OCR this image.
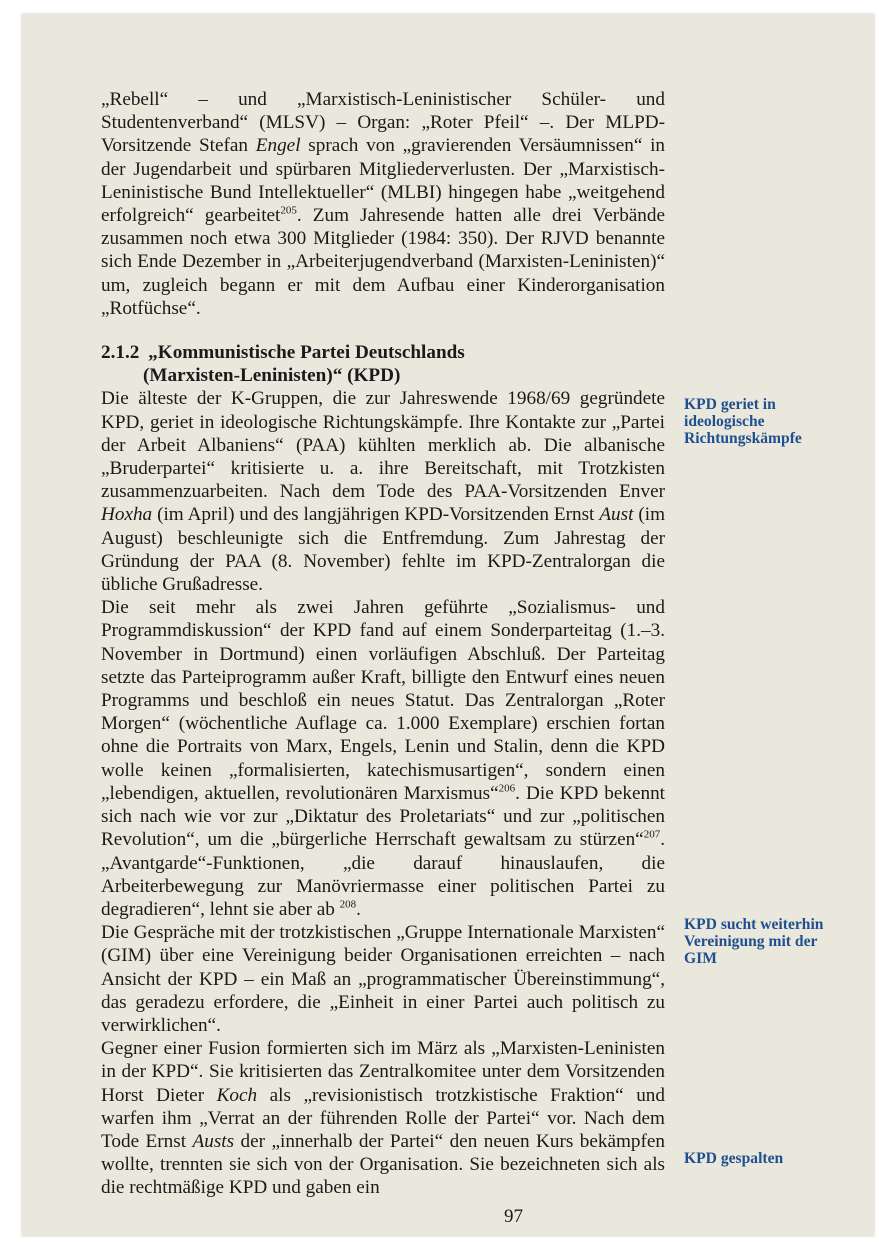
„Rebell“ – und „Marxistisch-Leninistischer Schüler- und Studentenverband“ (MLSV) – Organ: „Roter Pfeil“ –. Der MLPD-Vorsitzende Stefan Engel sprach von „gravierenden Versäumnissen“ in der Jugendarbeit und spürbaren Mitgliederverlusten. Der „Marxistisch-Leninistische Bund Intellektueller“ (MLBI) hingegen habe „weitgehend erfolgreich“ gearbeitet$^{205}$. Zum Jahresende hatten alle drei Verbände zusammen noch etwa 300 Mitglieder (1984: 350). Der RJVD benannte sich Ende Dezember in „Arbeiterjugendverband (Marxisten-Leninisten)“ um, zugleich begann er mit dem Aufbau einer Kinderorganisation „Rotfüchse“.

2.1.2 „Kommunistische Partei Deutschlands
(Marxisten-Leninisten)“ (KPD)

Die älteste der K-Gruppen, die zur Jahreswende 1968/69 gegründete KPD, geriet in ideologische Richtungskämpfe. Ihre Kontakte zur „Partei der Arbeit Albaniens“ (PAA) kühlten merklich ab. Die albanische „Bruderpartei“ kritisierte u. a. ihre Bereitschaft, mit Trotzkisten zusammenzuarbeiten. Nach dem Tode des PAA-Vorsitzenden Enver Hoxha (im April) und des langjährigen KPD-Vorsitzenden Ernst Aust (im August) beschleunigte sich die Entfremdung. Zum Jahrestag der Gründung der PAA (8. November) fehlte im KPD-Zentralorgan die übliche Grußadresse.

Die seit mehr als zwei Jahren geführte „Sozialismus- und Programmdiskussion“ der KPD fand auf einem Sonderparteitag (1.–3. November in Dortmund) einen vorläufigen Abschluß. Der Parteitag setzte das Parteiprogramm außer Kraft, billigte den Entwurf eines neuen Programms und beschloß ein neues Statut. Das Zentralorgan „Roter Morgen“ (wöchentliche Auflage ca. 1.000 Exemplare) erschien fortan ohne die Portraits von Marx, Engels, Lenin und Stalin, denn die KPD wolle keinen „formalisierten, katechismusartigen“, sondern einen „lebendigen, aktuellen, revolutionären Marxismus“$^{206}$. Die KPD bekennt sich nach wie vor zur „Diktatur des Proletariats“ und zur „politischen Revolution“, um die „bürgerliche Herrschaft gewaltsam zu stürzen“$^{207}$. „Avantgarde“-Funktionen, „die darauf hinauslaufen, die Arbeiterbewegung zur Manövriermasse einer politischen Partei zu degradieren“, lehnt sie aber ab $^{208}$.

Die Gespräche mit der trotzkistischen „Gruppe Internationale Marxisten“ (GIM) über eine Vereinigung beider Organisationen erreichten – nach Ansicht der KPD – ein Maß an „programmatischer Übereinstimmung“, das geradezu erfordere, die „Einheit in einer Partei auch politisch zu verwirklichen“.

Gegner einer Fusion formierten sich im März als „Marxisten-Leninisten in der KPD“. Sie kritisierten das Zentralkomitee unter dem Vorsitzenden Horst Dieter Koch als „revisionistisch trotzkistische Fraktion“ und warfen ihm „Verrat an der führenden Rolle der Partei“ vor. Nach dem Tode Ernst Austs der „innerhalb der Partei“ den neuen Kurs bekämpfen wollte, trennten sie sich von der Organisation. Sie bezeichneten sich als die rechtmäßige KPD und gaben ein

KPD geriet in ideologische Richtungskämpfe
KPD sucht weiterhin Vereinigung mit der GIM
KPD gespalten
97
